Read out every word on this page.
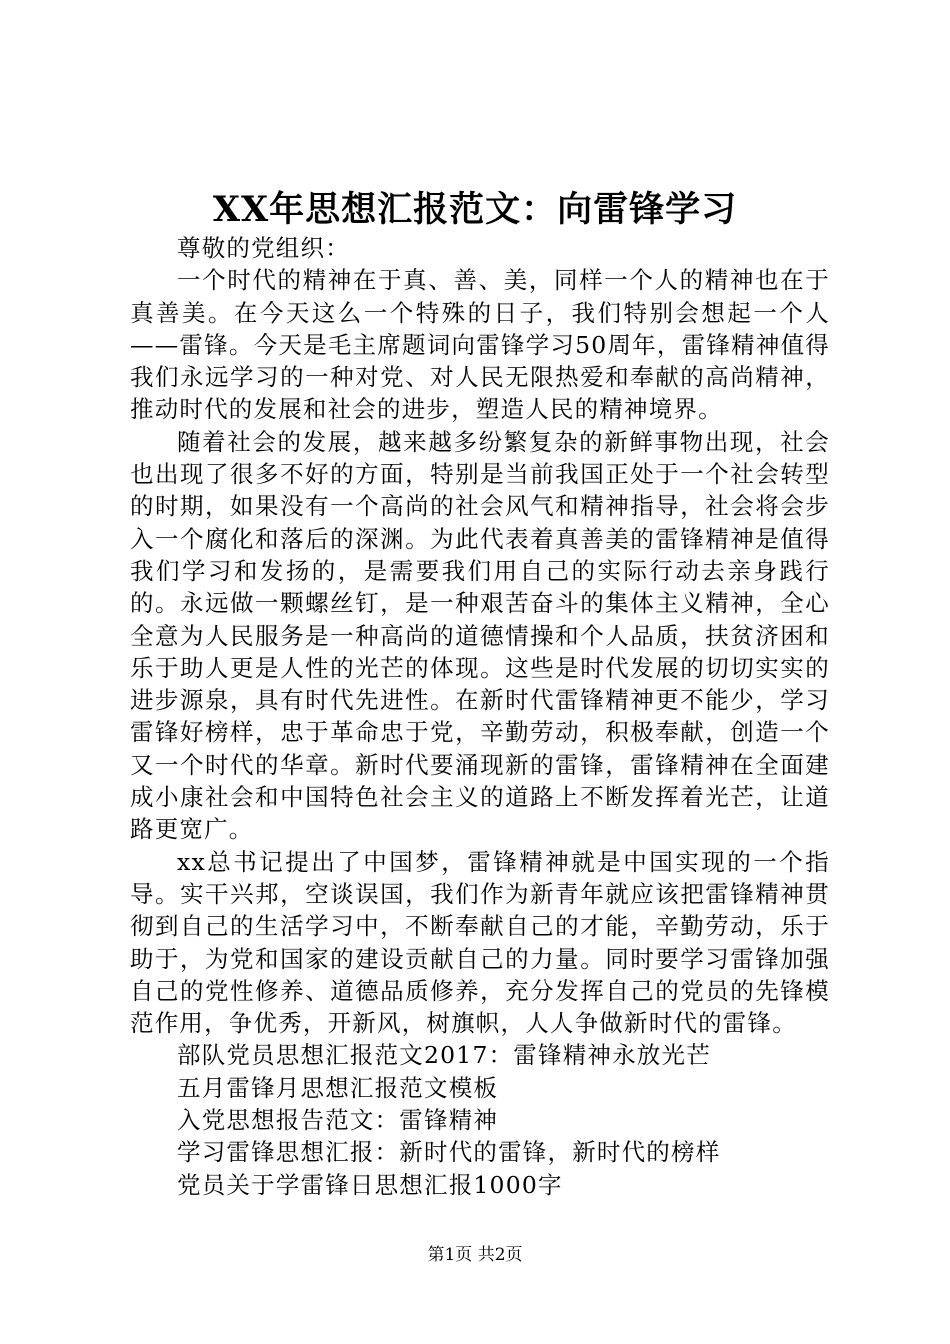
XX年思想汇报范文：向雷锋学习

尊敬的党组织：

一个时代的精神在于真、善、美，同样一个人的精神也在于真善美。在今天这么一个特殊的日子，我们特别会想起一个人——雷锋。今天是毛主席题词向雷锋学习50周年，雷锋精神值得我们永远学习的一种对党、对人民无限热爱和奉献的高尚精神，推动时代的发展和社会的进步，塑造人民的精神境界。

随着社会的发展，越来越多纷繁复杂的新鲜事物出现，社会也出现了很多不好的方面，特别是当前我国正处于一个社会转型的时期，如果没有一个高尚的社会风气和精神指导，社会将会步入一个腐化和落后的深渊。为此代表着真善美的雷锋精神是值得我们学习和发扬的，是需要我们用自己的实际行动去亲身践行的。永远做一颗螺丝钉，是一种艰苦奋斗的集体主义精神，全心全意为人民服务是一种高尚的道德情操和个人品质，扶贫济困和乐于助人更是人性的光芒的体现。这些是时代发展的切切实实的进步源泉，具有时代先进性。在新时代雷锋精神更不能少，学习雷锋好榜样，忠于革命忠于党，辛勤劳动，积极奉献，创造一个又一个时代的华章。新时代要涌现新的雷锋，雷锋精神在全面建成小康社会和中国特色社会主义的道路上不断发挥着光芒，让道路更宽广。

xx总书记提出了中国梦，雷锋精神就是中国实现的一个指导。实干兴邦，空谈误国，我们作为新青年就应该把雷锋精神贯彻到自己的生活学习中，不断奉献自己的才能，辛勤劳动，乐于助于，为党和国家的建设贡献自己的力量。同时要学习雷锋加强自己的党性修养、道德品质修养，充分发挥自己的党员的先锋模范作用，争优秀，开新风，树旗帜，人人争做新时代的雷锋。

部队党员思想汇报范文2017：雷锋精神永放光芒
五月雷锋月思想汇报范文模板
入党思想报告范文：雷锋精神
学习雷锋思想汇报：新时代的雷锋，新时代的榜样
党员关于学雷锋日思想汇报1000字
第1页 共2页
